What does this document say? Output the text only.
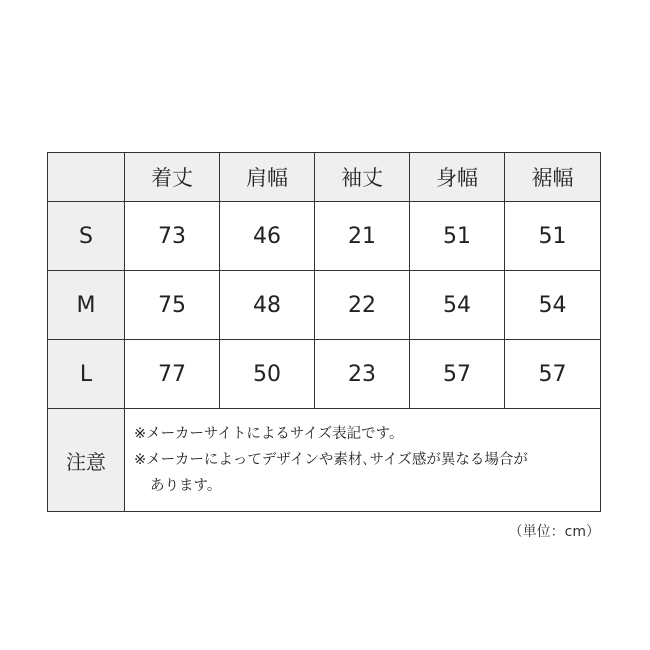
	着丈	肩幅	袖丈	身幅	裾幅
S	73	46	21	51	51
M	75	48	22	54	54
L	77	50	23	57	57
注意	※メーカーサイトによるサイズ表記です。
※メーカーによってデザインや素材､サイズ感が異なる場合が
あります。				
（単位：cm）
